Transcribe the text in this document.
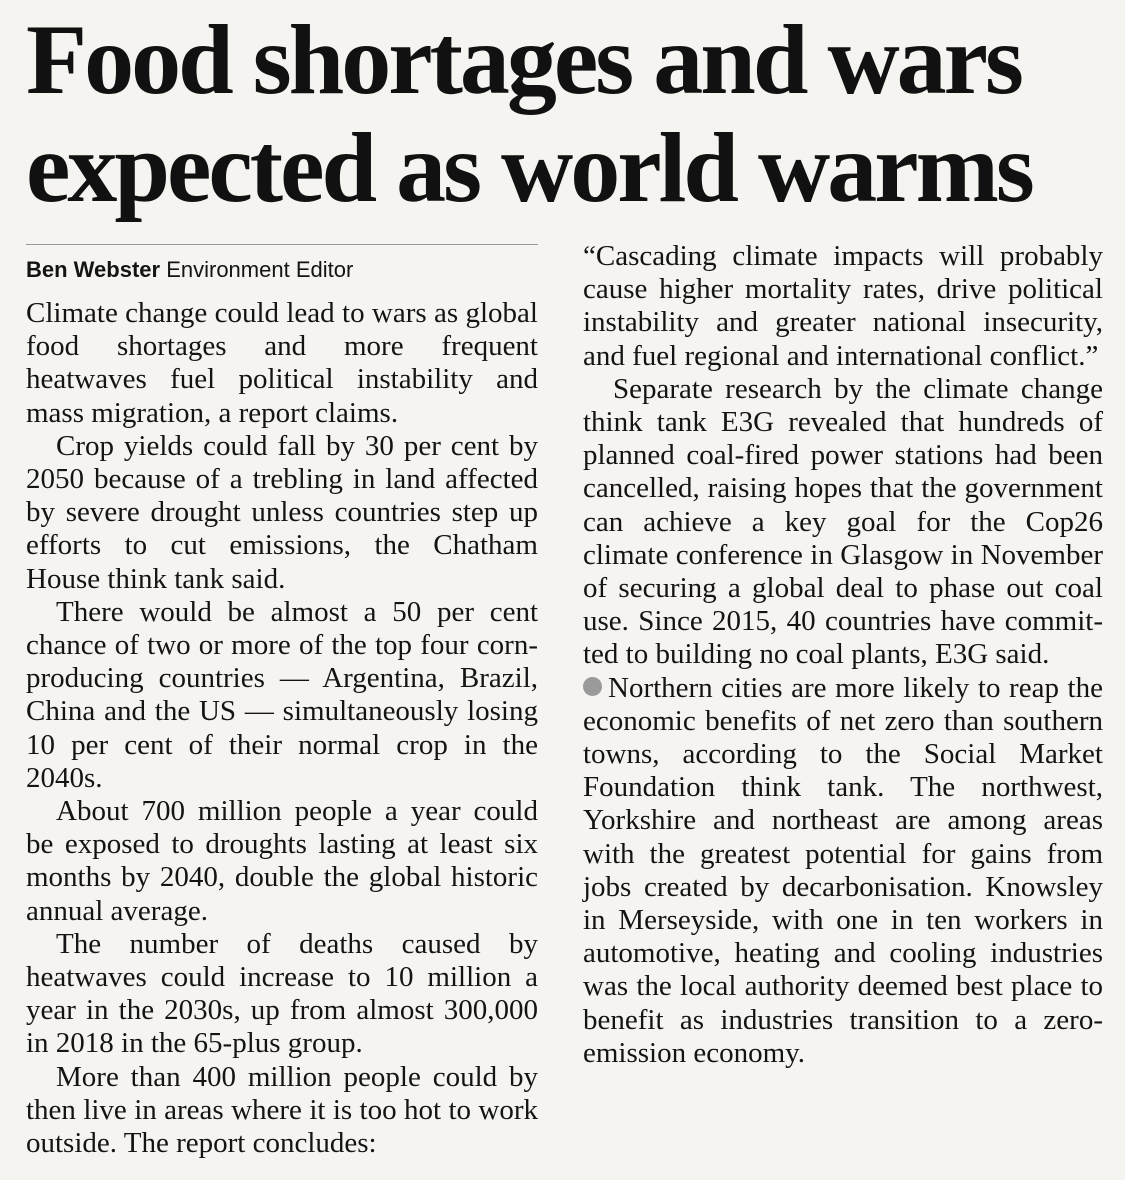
Food shortages and wars expected as world warms
Ben Webster Environment Editor

Climate change could lead to wars as global food shortages and more frequent heatwaves fuel political instability and mass migration, a report claims.

Crop yields could fall by 30 per cent by 2050 because of a trebling in land affected by severe drought unless countries step up efforts to cut emissions, the Chatham House think tank said.

There would be almost a 50 per cent chance of two or more of the top four corn-producing countries — Argentina, Brazil, China and the US — simultaneously losing 10 per cent of their normal crop in the 2040s.

About 700 million people a year could be exposed to droughts lasting at least six months by 2040, double the global historic annual average.

The number of deaths caused by heatwaves could increase to 10 million a year in the 2030s, up from almost 300,000 in 2018 in the 65-plus group.

More than 400 million people could by then live in areas where it is too hot to work outside. The report concludes:

“Cascading climate impacts will probably cause higher mortality rates, drive political instability and greater national insecurity, and fuel regional and international conflict.”

Separate research by the climate change think tank E3G revealed that hundreds of planned coal-fired power stations had been cancelled, raising hopes that the government can achieve a key goal for the Cop26 climate conference in Glasgow in November of securing a global deal to phase out coal use. Since 2015, 40 countries have committed to building no coal plants, E3G said.

Northern cities are more likely to reap the economic benefits of net zero than southern towns, according to the Social Market Foundation think tank. The northwest, Yorkshire and northeast are among areas with the greatest potential for gains from jobs created by decarbonisation. Knowsley in Merseyside, with one in ten workers in automotive, heating and cooling industries was the local authority deemed best place to benefit as industries transition to a zero-emission economy.
